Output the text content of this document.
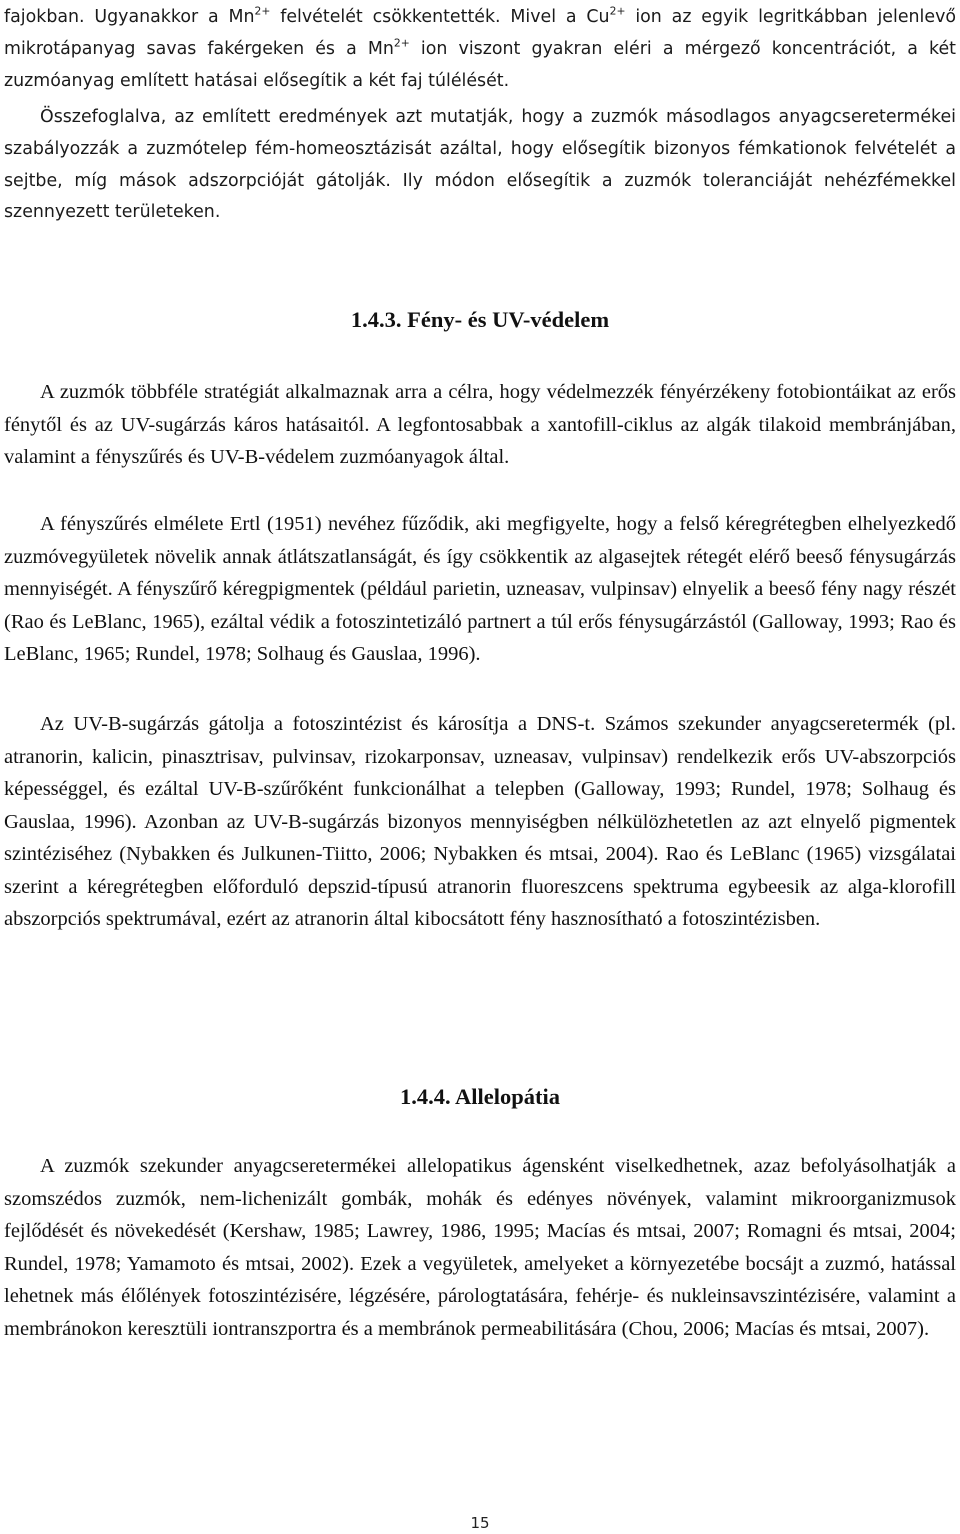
fajokban. Ugyanakkor a $Mn^{2+}$ felvételét csökkentették. Mivel a $Cu^{2+}$ ion az egyik legritkábban jelenlevő mikrotápanyag savas fakérgeken és a $Mn^{2+}$ ion viszont gyakran eléri a mérgező koncentrációt, a két zuzmóanyag említett hatásai elősegítik a két faj túlélését.

Összefoglalva, az említett eredmények azt mutatják, hogy a zuzmók másodlagos anyagcseretermékei szabályozzák a zuzmótelep fém-homeosztázisát azáltal, hogy elősegítik bizonyos fémkationok felvételét a sejtbe, míg mások adszorpcióját gátolják. Ily módon elősegítik a zuzmók toleranciáját nehézfémekkel szennyezett területeken.

1.4.3. Fény- és UV-védelem

A zuzmók többféle stratégiát alkalmaznak arra a célra, hogy védelmezzék fényérzékeny fotobiontáikat az erős fénytől és az UV-sugárzás káros hatásaitól. A legfontosabbak a xantofill-ciklus az algák tilakoid membránjában, valamint a fényszűrés és UV-B-védelem zuzmóanyagok által.

A fényszűrés elmélete Ertl (1951) nevéhez fűződik, aki megfigyelte, hogy a felső kéregrétegben elhelyezkedő zuzmóvegyületek növelik annak átlátszatlanságát, és így csökkentik az algasejtek rétegét elérő beeső fénysugárzás mennyiségét. A fényszűrő kéregpigmentek (például parietin, uzneasav, vulpinsav) elnyelik a beeső fény nagy részét (Rao és LeBlanc, 1965), ezáltal védik a fotoszintetizáló partnert a túl erős fénysugárzástól (Galloway, 1993; Rao és LeBlanc, 1965; Rundel, 1978; Solhaug és Gauslaa, 1996).

Az UV-B-sugárzás gátolja a fotoszintézist és károsítja a DNS-t. Számos szekunder anyagcseretermék (pl. atranorin, kalicin, pinasztrisav, pulvinsav, rizokarponsav, uzneasav, vulpinsav) rendelkezik erős UV-abszorpciós képességgel, és ezáltal UV-B-szűrőként funkcionálhat a telepben (Galloway, 1993; Rundel, 1978; Solhaug és Gauslaa, 1996). Azonban az UV-B-sugárzás bizonyos mennyiségben nélkülözhetetlen az azt elnyelő pigmentek szintéziséhez (Nybakken és Julkunen-Tiitto, 2006; Nybakken és mtsai, 2004). Rao és LeBlanc (1965) vizsgálatai szerint a kéregrétegben előforduló depszid-típusú atranorin fluoreszcens spektruma egybeesik az alga-klorofill abszorpciós spektrumával, ezért az atranorin által kibocsátott fény hasznosítható a fotoszintézisben.

1.4.4. Allelopátia

A zuzmók szekunder anyagcseretermékei allelopatikus ágensként viselkedhetnek, azaz befolyásolhatják a szomszédos zuzmók, nem-lichenizált gombák, mohák és edényes növények, valamint mikroorganizmusok fejlődését és növekedését (Kershaw, 1985; Lawrey, 1986, 1995; Macías és mtsai, 2007; Romagni és mtsai, 2004; Rundel, 1978; Yamamoto és mtsai, 2002). Ezek a vegyületek, amelyeket a környezetébe bocsájt a zuzmó, hatással lehetnek más élőlények fotoszintézisére, légzésére, párologtatására, fehérje- és nukleinsavszintézisére, valamint a membránokon keresztüli iontranszportra és a membránok permeabilitására (Chou, 2006; Macías és mtsai, 2007).

15
